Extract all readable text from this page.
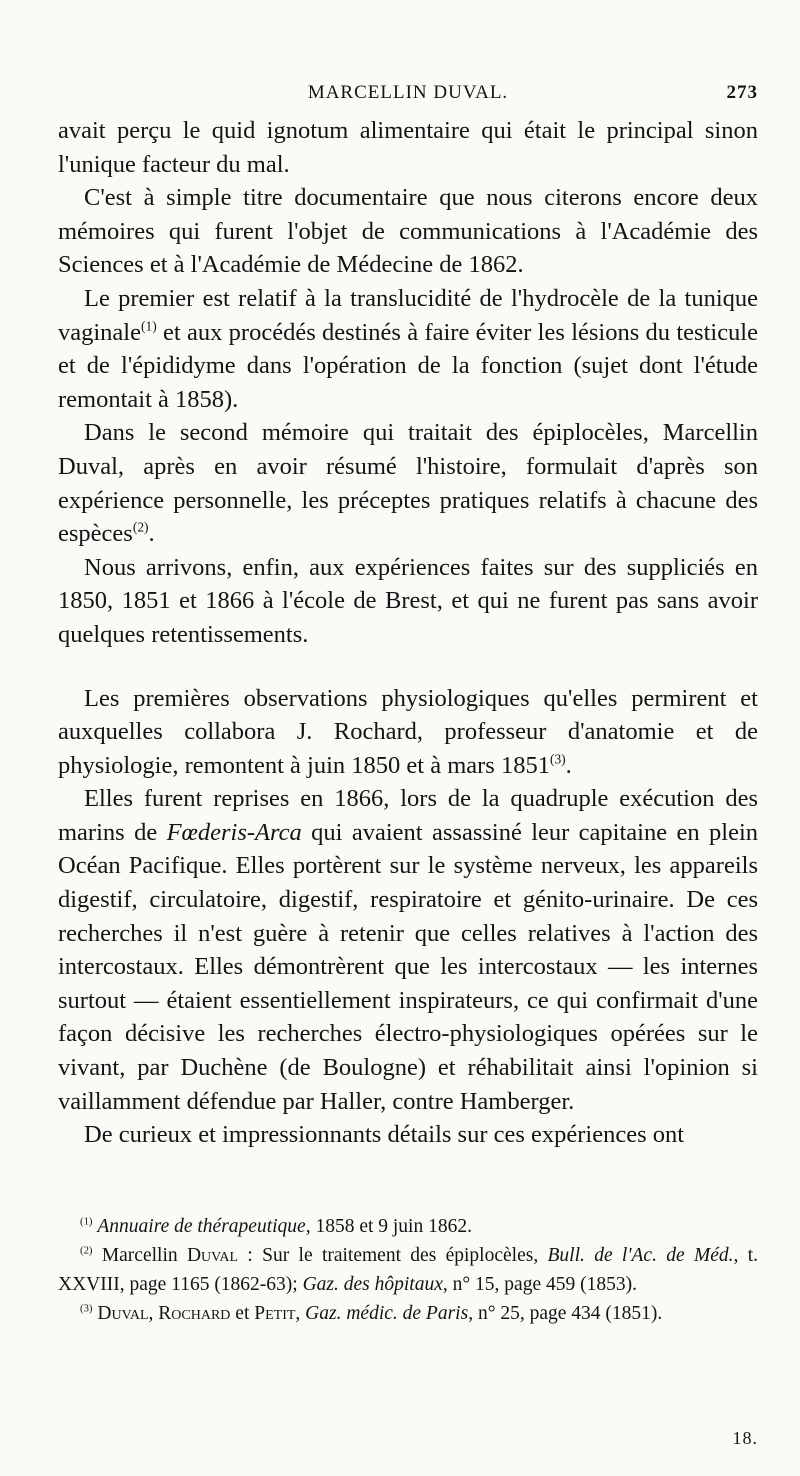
MARCELLIN DUVAL.	273

avait perçu le quid ignotum alimentaire qui était le principal sinon l'unique facteur du mal.

C'est à simple titre documentaire que nous citerons encore deux mémoires qui furent l'objet de communications à l'Académie des Sciences et à l'Académie de Médecine de 1862.

Le premier est relatif à la translucidité de l'hydrocèle de la tunique vaginale$^{(1)}$ et aux procédés destinés à faire éviter les lésions du testicule et de l'épididyme dans l'opération de la fonction (sujet dont l'étude remontait à 1858).

Dans le second mémoire qui traitait des épiplocèles, Marcellin Duval, après en avoir résumé l'histoire, formulait d'après son expérience personnelle, les préceptes pratiques relatifs à chacune des espèces$^{(2)}$.

Nous arrivons, enfin, aux expériences faites sur des suppliciés en 1850, 1851 et 1866 à l'école de Brest, et qui ne furent pas sans avoir quelques retentissements.

Les premières observations physiologiques qu'elles permirent et auxquelles collabora J. Rochard, professeur d'anatomie et de physiologie, remontent à juin 1850 et à mars 1851$^{(3)}$.

Elles furent reprises en 1866, lors de la quadruple exécution des marins de Fœderis-Arca qui avaient assassiné leur capitaine en plein Océan Pacifique. Elles portèrent sur le système nerveux, les appareils digestif, circulatoire, digestif, respiratoire et génito-urinaire. De ces recherches il n'est guère à retenir que celles relatives à l'action des intercostaux. Elles démontrèrent que les intercostaux — les internes surtout — étaient essentiellement inspirateurs, ce qui confirmait d'une façon décisive les recherches électro-physiologiques opérées sur le vivant, par Duchène (de Boulogne) et réhabilitait ainsi l'opinion si vaillamment défendue par Haller, contre Hamberger.

De curieux et impressionnants détails sur ces expériences ont

$^{(1)}$ Annuaire de thérapeutique, 1858 et 9 juin 1862.

$^{(2)}$ Marcellin Duval : Sur le traitement des épiplocèles, Bull. de l'Ac. de Méd., t. XXVIII, page 1165 (1862-63); Gaz. des hôpitaux, n° 15, page 459 (1853).

$^{(3)}$ Duval, Rochard et Petit, Gaz. médic. de Paris, n° 25, page 434 (1851).

18.
